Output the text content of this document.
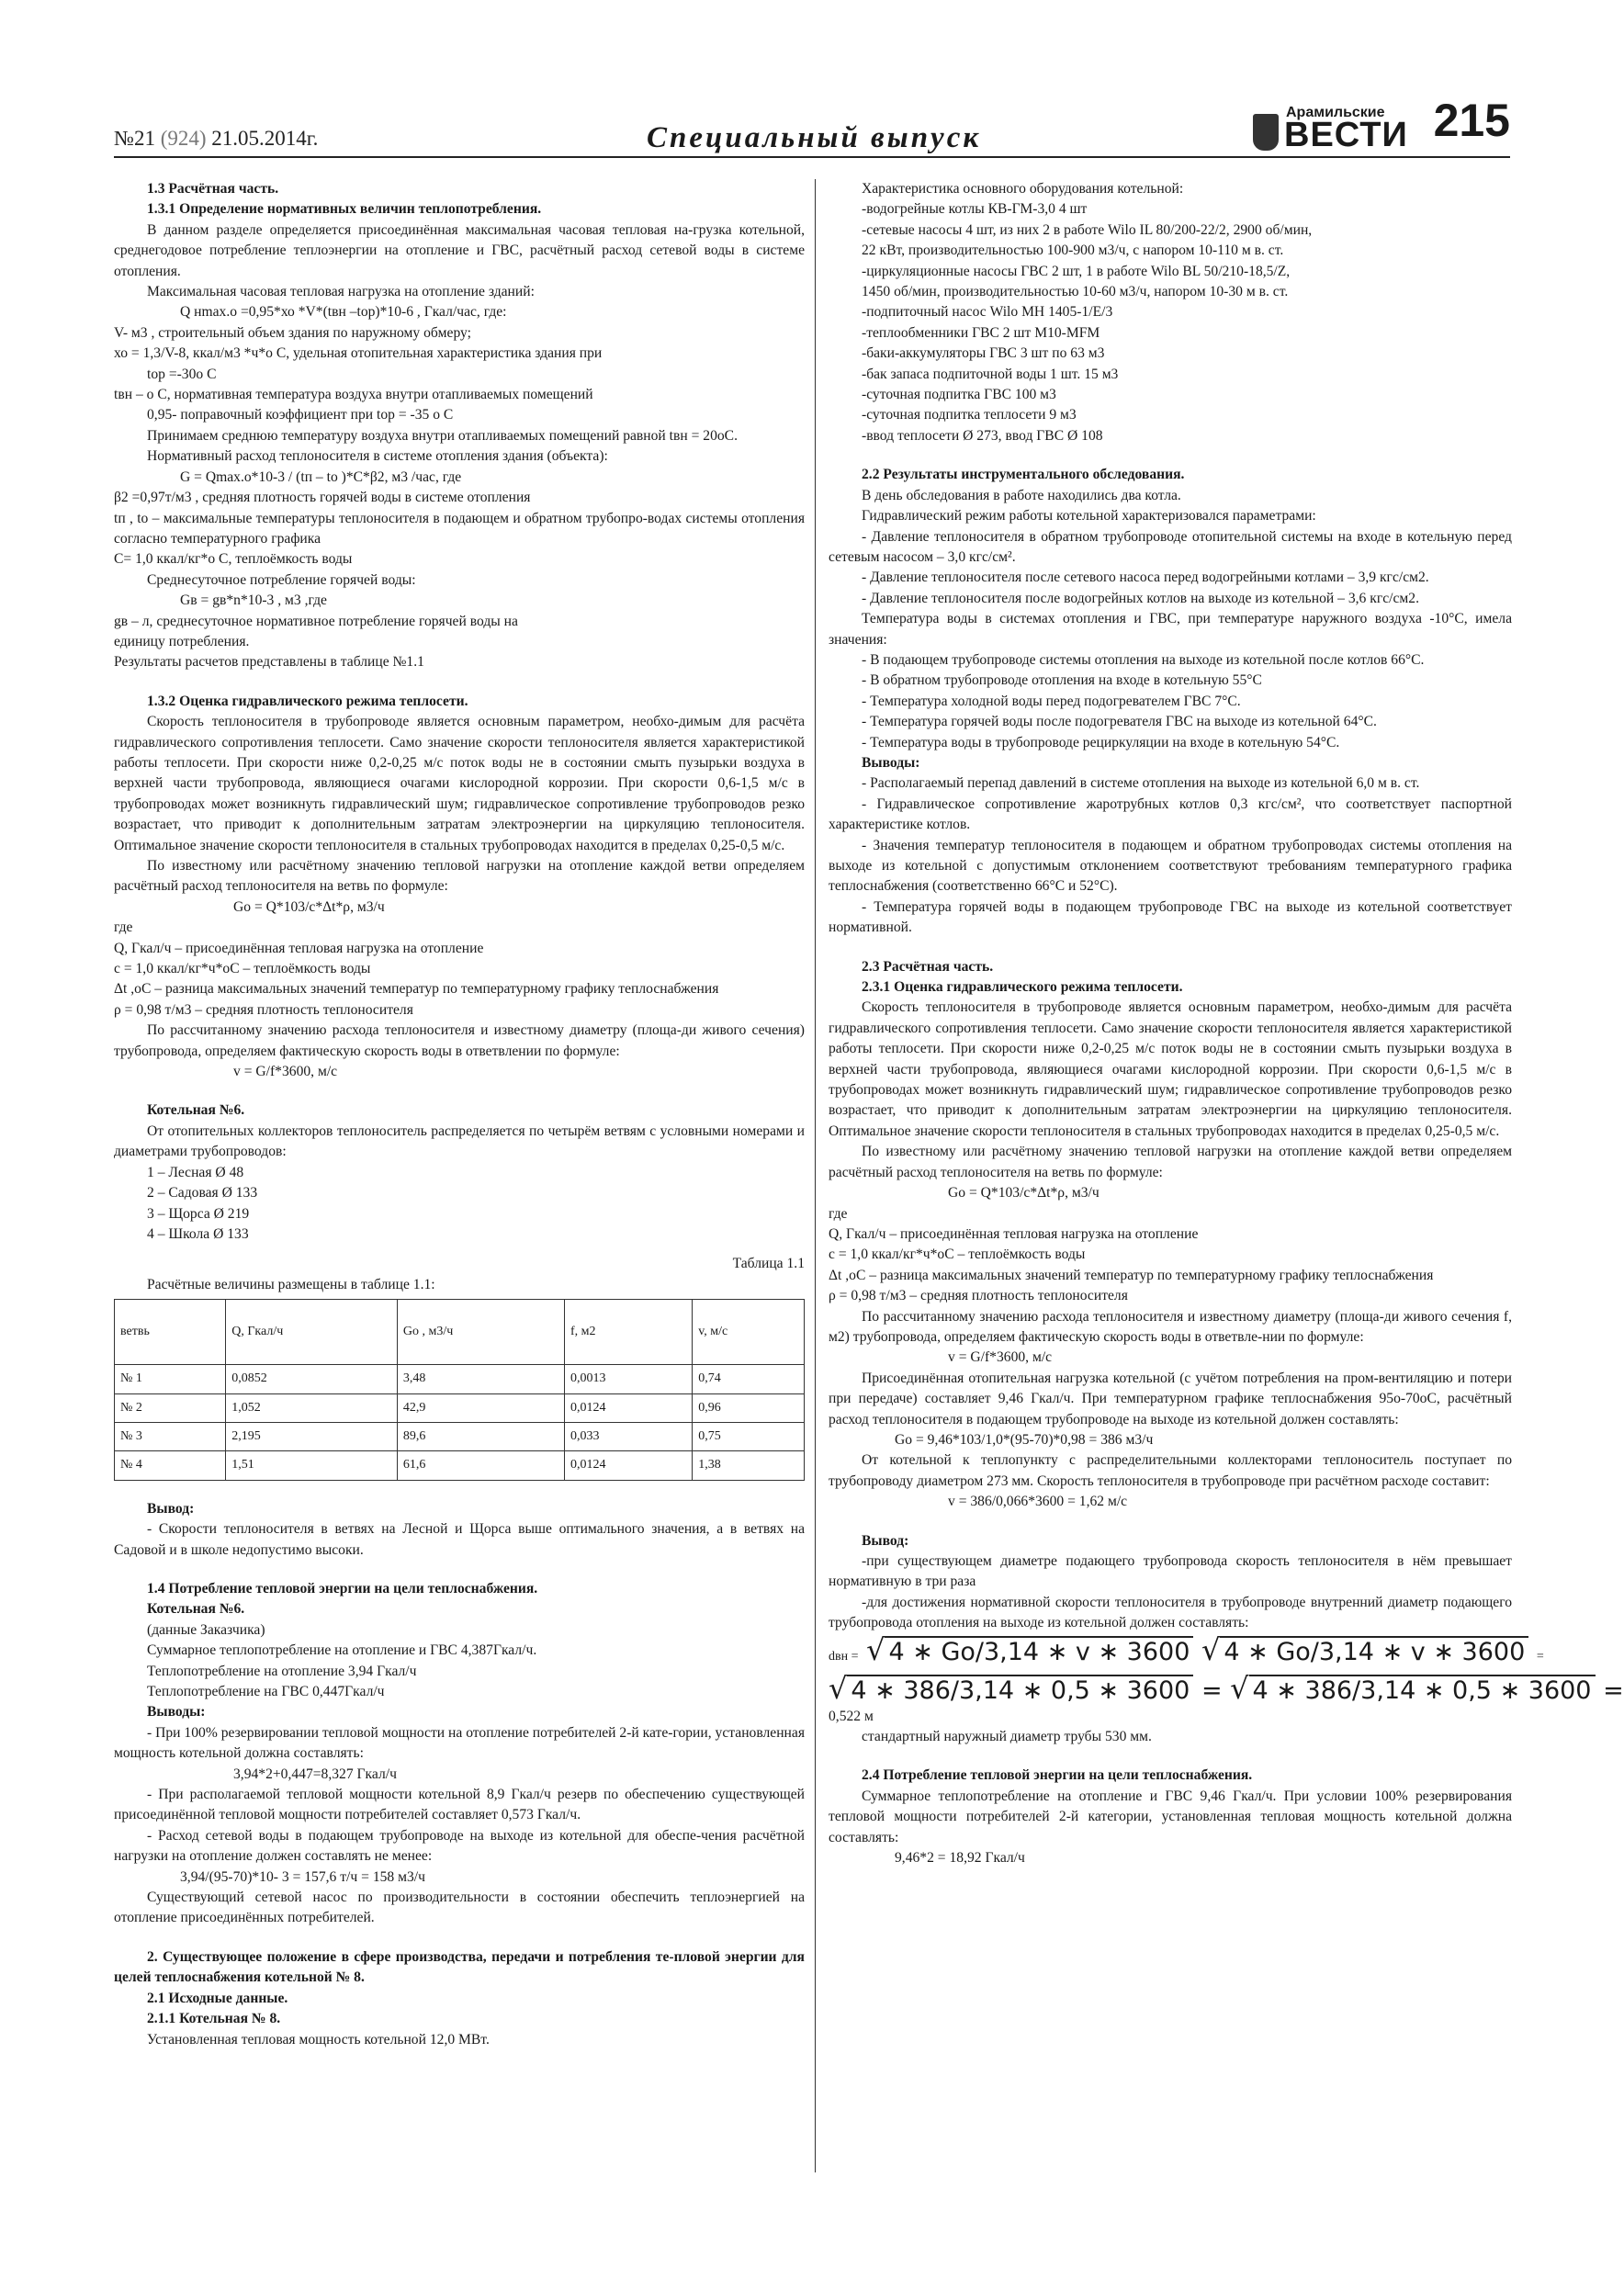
№21 (924) 21.05.2014г.	Специальный выпуск
Арамильские
ВЕСТИ 215

1.3 Расчётная часть.

1.3.1 Определение нормативных величин теплопотребления.

В данном разделе определяется присоединённая максимальная часовая тепловая на-грузка котельной, среднегодовое потребление теплоэнергии на отопление и ГВС, расчётный расход сетевой воды в системе отопления.

Максимальная часовая тепловая нагрузка на отопление зданий:

Q нmax.o =0,95*хо *V*(tвн –top)*10-6 , Гкал/час, где:

V- м3 , строительный объем здания по наружному обмеру;

хо = 1,3/V-8, ккал/м3 *ч*о С, удельная отопительная характеристика здания при

top =-30o C

tвн – о С, нормативная температура воздуха внутри отапливаемых помещений

0,95- поправочный коэффициент при top = -35 о С

Принимаем среднюю температуру воздуха внутри отапливаемых помещений равной tвн = 20оС.

Нормативный расход теплоносителя в системе отопления здания (объекта):

G = Qmax.o*10-3 / (tп – tо )*С*β2, м3 /час, где

β2 =0,97т/м3 , средняя плотность горячей воды в системе отопления

tп , tо – максимальные температуры теплоносителя в подающем и обратном трубопро-водах системы отопления согласно температурного графика

С= 1,0 ккал/кг*о С, теплоёмкость воды

Среднесуточное потребление горячей воды:

Gв = gв*n*10-3 , м3 ,где

gв – л, среднесуточное нормативное потребление горячей воды на

единицу потребления.

Результаты расчетов представлены в таблице №1.1

1.3.2 Оценка гидравлического режима теплосети.

Скорость теплоносителя в трубопроводе является основным параметром, необхо-димым для расчёта гидравлического сопротивления теплосети. Само значение скорости теплоносителя является характеристикой работы теплосети. При скорости ниже 0,2-0,25 м/с поток воды не в состоянии смыть пузырьки воздуха в верхней части трубопровода, являющиеся очагами кислородной коррозии. При скорости 0,6-1,5 м/с в трубопроводах может возникнуть гидравлический шум; гидравлическое сопротивление трубопроводов резко возрастает, что приводит к дополнительным затратам электроэнергии на циркуляцию теплоносителя. Оптимальное значение скорости теплоносителя в стальных трубопроводах находится в пределах 0,25-0,5 м/с.

По известному или расчётному значению тепловой нагрузки на отопление каждой ветви определяем расчётный расход теплоносителя на ветвь по формуле:

Go = Q*103/c*Δt*ρ, м3/ч

где

Q, Гкал/ч – присоединённая тепловая нагрузка на отопление

c = 1,0 ккал/кг*ч*оС – теплоёмкость воды

Δt ,оС – разница максимальных значений температур по температурному графику теплоснабжения

ρ = 0,98 т/м3 – средняя плотность теплоносителя

По рассчитанному значению расхода теплоносителя и известному диаметру (площа-ди живого сечения) трубопровода, определяем фактическую скорость воды в ответвлении по формуле:

v = G/f*3600, м/с

Котельная №6.

От отопительных коллекторов теплоноситель распределяется по четырём ветвям с условными номерами и диаметрами трубопроводов:

1 – Лесная Ø 48

2 – Садовая Ø 133

3 – Щорса Ø 219

4 – Школа Ø 133

Таблица 1.1

Расчётные величины размещены в таблице 1.1:

ветвь	Q, Гкал/ч	Go , м3/ч	f, м2	v, м/с
№ 1	0,0852	3,48	0,0013	0,74
№ 2	1,052	42,9	0,0124	0,96
№ 3	2,195	89,6	0,033	0,75
№ 4	1,51	61,6	0,0124	1,38

Вывод:

- Скорости теплоносителя в ветвях на Лесной и Щорса выше оптимального значения, а в ветвях на Садовой и в школе недопустимо высоки.

1.4 Потребление тепловой энергии на цели теплоснабжения.

Котельная №6.

(данные Заказчика)

Суммарное теплопотребление на отопление и ГВС 4,387Гкал/ч.

Теплопотребление на отопление 3,94 Гкал/ч

Теплопотребление на ГВС 0,447Гкал/ч

Выводы:

- При 100% резервировании тепловой мощности на отопление потребителей 2-й кате-гории, установленная мощность котельной должна составлять:

3,94*2+0,447=8,327 Гкал/ч

- При располагаемой тепловой мощности котельной 8,9 Гкал/ч резерв по обеспечению существующей присоединённой тепловой мощности потребителей составляет 0,573 Гкал/ч.

- Расход сетевой воды в подающем трубопроводе на выходе из котельной для обеспе-чения расчётной нагрузки на отопление должен составлять не менее:

3,94/(95-70)*10- 3 = 157,6 т/ч = 158 м3/ч

Существующий сетевой насос по производительности в состоянии обеспечить теплоэнергией на отопление присоединённых потребителей.

2. Существующее положение в сфере производства, передачи и потребления те-пловой энергии для целей теплоснабжения котельной № 8.

2.1 Исходные данные.

2.1.1 Котельная № 8.

Установленная тепловая мощность котельной 12,0 МВт.

Характеристика основного оборудования котельной:

-водогрейные котлы КВ-ГМ-3,0 4 шт

-сетевые насосы 4 шт, из них 2 в работе Wilo IL 80/200-22/2, 2900 об/мин,

22 кВт, производительностью 100-900 м3/ч, с напором 10-110 м в. ст.

-циркуляционные насосы ГВС 2 шт, 1 в работе Wilo BL 50/210-18,5/Z,

1450 об/мин, производительностью 10-60 м3/ч, напором 10-30 м в. ст.

-подпиточный насос Wilo MH 1405-1/E/3

-теплообменники ГВС 2 шт М10-MFM

-баки-аккумуляторы ГВС 3 шт по 63 м3

-бак запаса подпиточной воды 1 шт. 15 м3

-суточная подпитка ГВС 100 м3

-суточная подпитка теплосети 9 м3

-ввод теплосети Ø 273, ввод ГВС Ø 108

2.2 Результаты инструментального обследования.

В день обследования в работе находились два котла.

Гидравлический режим работы котельной характеризовался параметрами:

- Давление теплоносителя в обратном трубопроводе отопительной системы на входе в котельную перед сетевым насосом – 3,0 кгс/см².

- Давление теплоносителя после сетевого насоса перед водогрейными котлами – 3,9 кгс/см2.

- Давление теплоносителя после водогрейных котлов на выходе из котельной – 3,6 кгс/см2.

Температура воды в системах отопления и ГВС, при температуре наружного воздуха -10°С, имела значения:

- В подающем трубопроводе системы отопления на выходе из котельной после котлов 66°С.

- В обратном трубопроводе отопления на входе в котельную 55°С

- Температура холодной воды перед подогревателем ГВС 7°С.

- Температура горячей воды после подогревателя ГВС на выходе из котельной 64°С.

- Температура воды в трубопроводе рециркуляции на входе в котельную 54°С.

Выводы:

- Располагаемый перепад давлений в системе отопления на выходе из котельной 6,0 м в. ст.

- Гидравлическое сопротивление жаротрубных котлов 0,3 кгс/см², что соответствует паспортной характеристике котлов.

- Значения температур теплоносителя в подающем и обратном трубопроводах системы отопления на выходе из котельной с допустимым отклонением соответствуют требованиям температурного графика теплоснабжения (соответственно 66°С и 52°С).

- Температура горячей воды в подающем трубопроводе ГВС на выходе из котельной соответствует нормативной.

2.3 Расчётная часть.

2.3.1 Оценка гидравлического режима теплосети.

Скорость теплоносителя в трубопроводе является основным параметром, необхо-димым для расчёта гидравлического сопротивления теплосети. Само значение скорости теплоносителя является характеристикой работы теплосети. При скорости ниже 0,2-0,25 м/с поток воды не в состоянии смыть пузырьки воздуха в верхней части трубопровода, являющиеся очагами кислородной коррозии. При скорости 0,6-1,5 м/с в трубопроводах может возникнуть гидравлический шум; гидравлическое сопротивление трубопроводов резко возрастает, что приводит к дополнительным затратам электроэнергии на циркуляцию теплоносителя. Оптимальное значение скорости теплоносителя в стальных трубопроводах находится в пределах 0,25-0,5 м/с.

По известному или расчётному значению тепловой нагрузки на отопление каждой ветви определяем расчётный расход теплоносителя на ветвь по формуле:

Go = Q*103/c*Δt*ρ, м3/ч

где

Q, Гкал/ч – присоединённая тепловая нагрузка на отопление

c = 1,0 ккал/кг*ч*оС – теплоёмкость воды

Δt ,оС – разница максимальных значений температур по температурному графику теплоснабжения

ρ = 0,98 т/м3 – средняя плотность теплоносителя

По рассчитанному значению расхода теплоносителя и известному диаметру (площа-ди живого сечения f, м2) трубопровода, определяем фактическую скорость воды в ответвле-нии по формуле:

v = G/f*3600, м/с

Присоединённая отопительная нагрузка котельной (с учётом потребления на пром-вентиляцию и потери при передаче) составляет 9,46 Гкал/ч. При температурном графике теплоснабжения 95о-70оС, расчётный расход теплоносителя в подающем трубопроводе на выходе из котельной должен составлять:

Go = 9,46*103/1,0*(95-70)*0,98 = 386 м3/ч

От котельной к теплопункту с распределительными коллекторами теплоноситель поступает по трубопроводу диаметром 273 мм. Скорость теплоносителя в трубопроводе при расчётном расходе составит:

v = 386/0,066*3600 = 1,62 м/с

Вывод:

-при существующем диаметре подающего трубопровода скорость теплоносителя в нём превышает нормативную в три раза

-для достижения нормативной скорости теплоносителя в трубопроводе внутренний диаметр подающего трубопровода отопления на выходе из котельной должен составлять:

dвн = √ 4 ∗ Go/3,14 ∗ v ∗ 3600 √ 4 ∗ Go/3,14 ∗ v ∗ 3600 =
√ 4 ∗ 386/3,14 ∗ 0,5 ∗ 3600 = √ 4 ∗ 386/3,14 ∗ 0,5 ∗ 3600 =

0,522 м

стандартный наружный диаметр трубы 530 мм.

2.4 Потребление тепловой энергии на цели теплоснабжения.

Суммарное теплопотребление на отопление и ГВС 9,46 Гкал/ч. При условии 100% резервирования тепловой мощности потребителей 2-й категории, установленная тепловая мощность котельной должна составлять:

9,46*2 = 18,92 Гкал/ч
